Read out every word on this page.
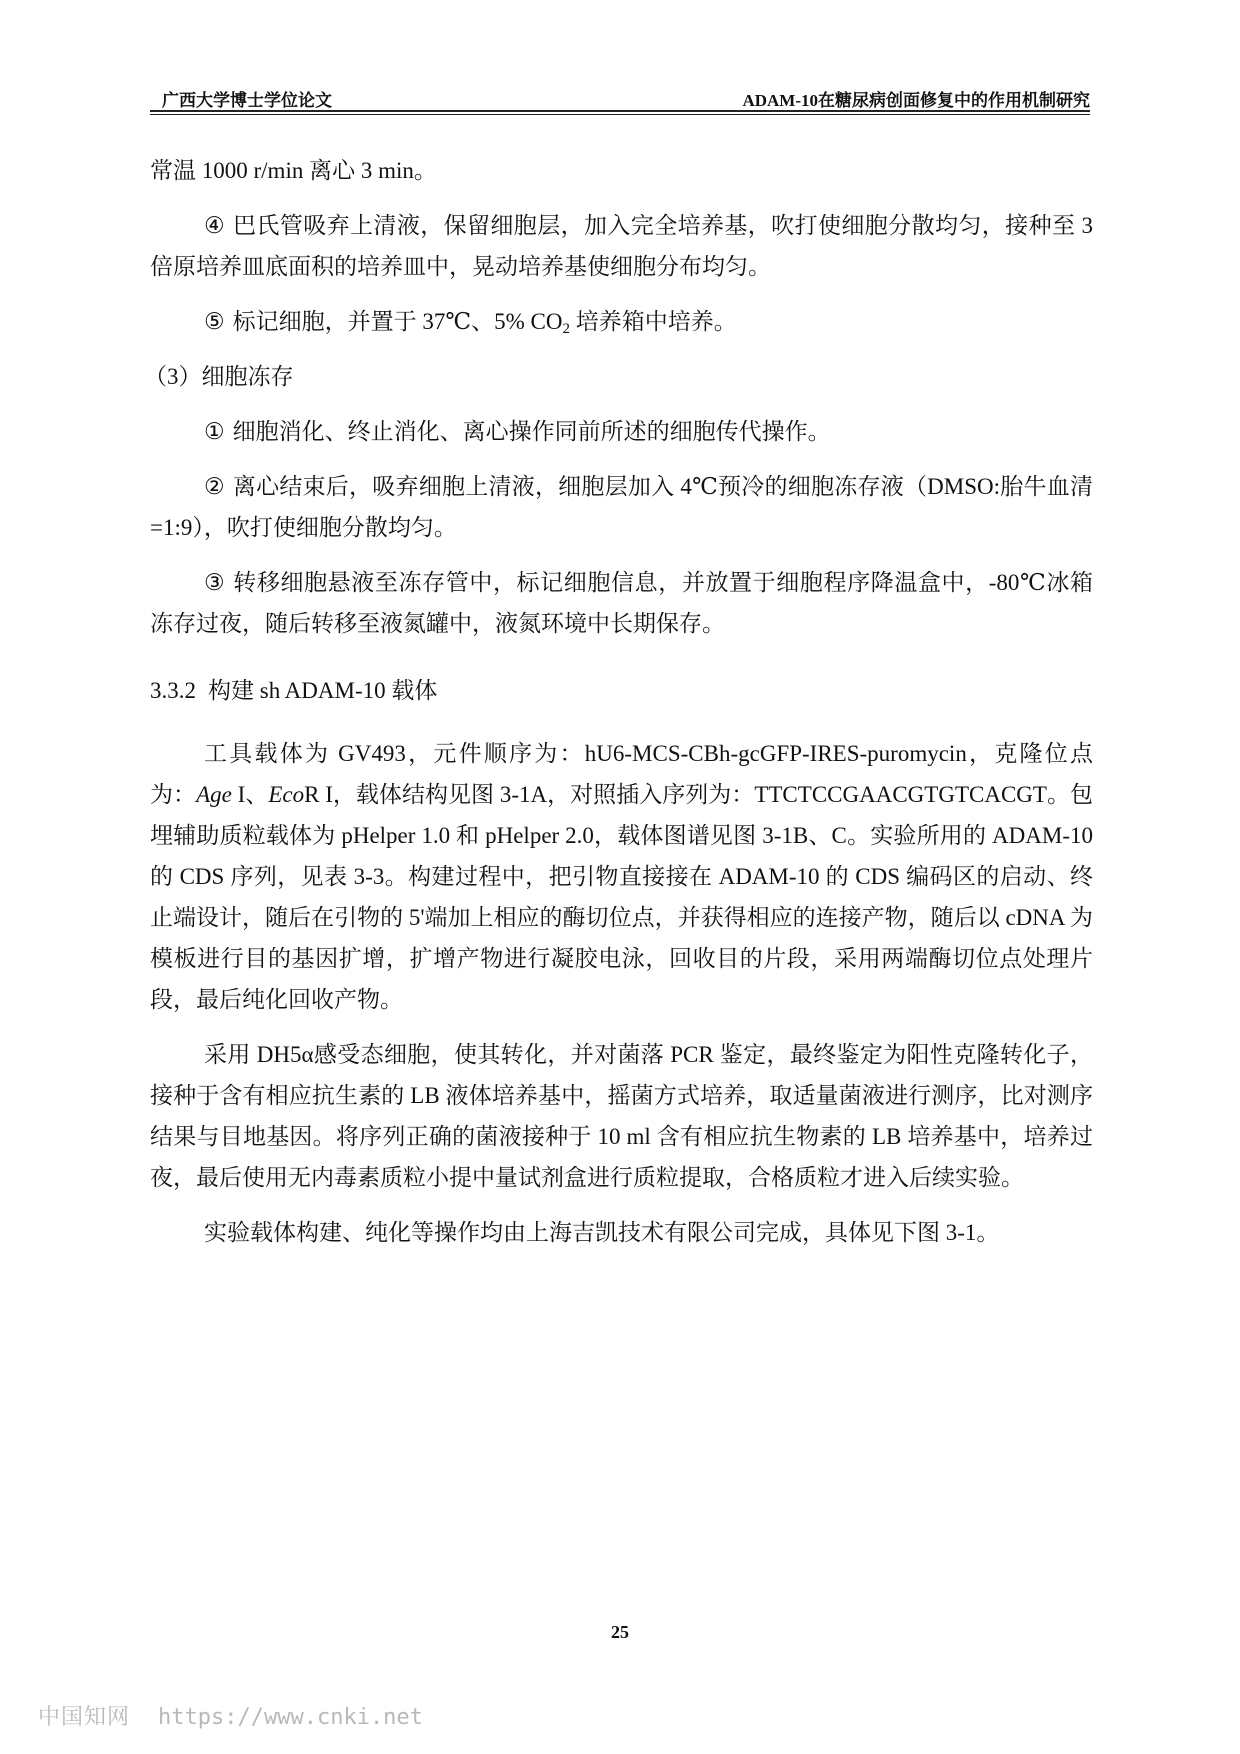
广西大学博士学位论文	ADAM-10在糖尿病创面修复中的作用机制研究

常温 1000 r/min 离心 3 min。

④ 巴氏管吸弃上清液，保留细胞层，加入完全培养基，吹打使细胞分散均匀，接种至 3 倍原培养皿底面积的培养皿中，晃动培养基使细胞分布均匀。

⑤ 标记细胞，并置于 37℃、5% $CO_2$ 培养箱中培养。

（3）细胞冻存

① 细胞消化、终止消化、离心操作同前所述的细胞传代操作。

② 离心结束后，吸弃细胞上清液，细胞层加入 4℃预冷的细胞冻存液（DMSO:胎牛血清=1:9），吹打使细胞分散均匀。

③ 转移细胞悬液至冻存管中，标记细胞信息，并放置于细胞程序降温盒中，-80℃冰箱冻存过夜，随后转移至液氮罐中，液氮环境中长期保存。

3.3.2 构建 sh ADAM-10 载体

工具载体为 GV493，元件顺序为：hU6-MCS-CBh-gcGFP-IRES-puromycin，克隆位点为：Age I、EcoR I，载体结构见图 3-1A，对照插入序列为：TTCTCCGAACGTGTCACGT。包埋辅助质粒载体为 pHelper 1.0 和 pHelper 2.0，载体图谱见图 3-1B、C。实验所用的 ADAM-10 的 CDS 序列，见表 3-3。构建过程中，把引物直接接在 ADAM-10 的 CDS 编码区的启动、终止端设计，随后在引物的 5'端加上相应的酶切位点，并获得相应的连接产物，随后以 cDNA 为模板进行目的基因扩增，扩增产物进行凝胶电泳，回收目的片段，采用两端酶切位点处理片段，最后纯化回收产物。

采用 DH5α感受态细胞，使其转化，并对菌落 PCR 鉴定，最终鉴定为阳性克隆转化子，接种于含有相应抗生素的 LB 液体培养基中，摇菌方式培养，取适量菌液进行测序，比对测序结果与目地基因。将序列正确的菌液接种于 10 ml 含有相应抗生物素的 LB 培养基中，培养过夜，最后使用无内毒素质粒小提中量试剂盒进行质粒提取，合格质粒才进入后续实验。

实验载体构建、纯化等操作均由上海吉凯技术有限公司完成，具体见下图 3-1。

25
中国知网 https://www.cnki.net
